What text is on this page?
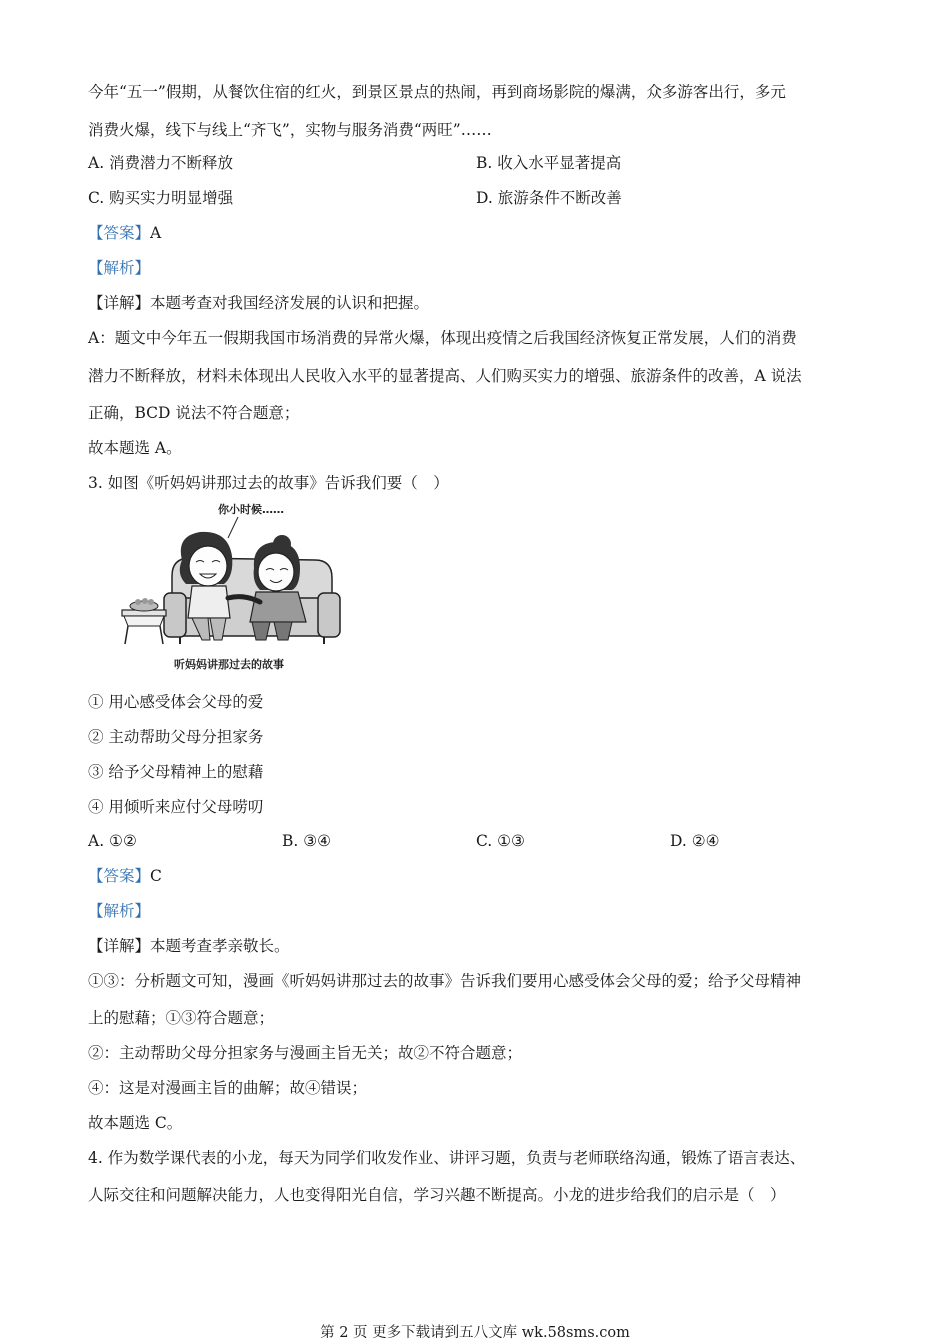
今年“五一”假期，从餐饮住宿的红火，到景区景点的热闹，再到商场影院的爆满，众多游客出行，多元
消费火爆，线下与线上“齐飞”，实物与服务消费“两旺”……
A. 消费潜力不断释放	B. 收入水平显著提高
C. 购买实力明显增强	D. 旅游条件不断改善
【答案】A
【解析】
【详解】本题考查对我国经济发展的认识和把握。
A：题文中今年五一假期我国市场消费的异常火爆，体现出疫情之后我国经济恢复正常发展，人们的消费
潜力不断释放，材料未体现出人民收入水平的显著提高、人们购买实力的增强、旅游条件的改善，A 说法
正确，BCD 说法不符合题意；
故本题选 A。
3. 如图《听妈妈讲那过去的故事》告诉我们要（　）
你小时候……
听妈妈讲那过去的故事
① 用心感受体会父母的爱
② 主动帮助父母分担家务
③ 给予父母精神上的慰藉
④ 用倾听来应付父母唠叨
A. ①②	B. ③④	C. ①③	D. ②④
【答案】C
【解析】
【详解】本题考查孝亲敬长。
①③：分析题文可知，漫画《听妈妈讲那过去的故事》告诉我们要用心感受体会父母的爱；给予父母精神
上的慰藉；①③符合题意；
②：主动帮助父母分担家务与漫画主旨无关；故②不符合题意；
④：这是对漫画主旨的曲解；故④错误；
故本题选 C。
4. 作为数学课代表的小龙，每天为同学们收发作业、讲评习题，负责与老师联络沟通，锻炼了语言表达、
人际交往和问题解决能力，人也变得阳光自信，学习兴趣不断提高。小龙的进步给我们的启示是（　）
第 2 页 更多下载请到五八文库 wk.58sms.com
